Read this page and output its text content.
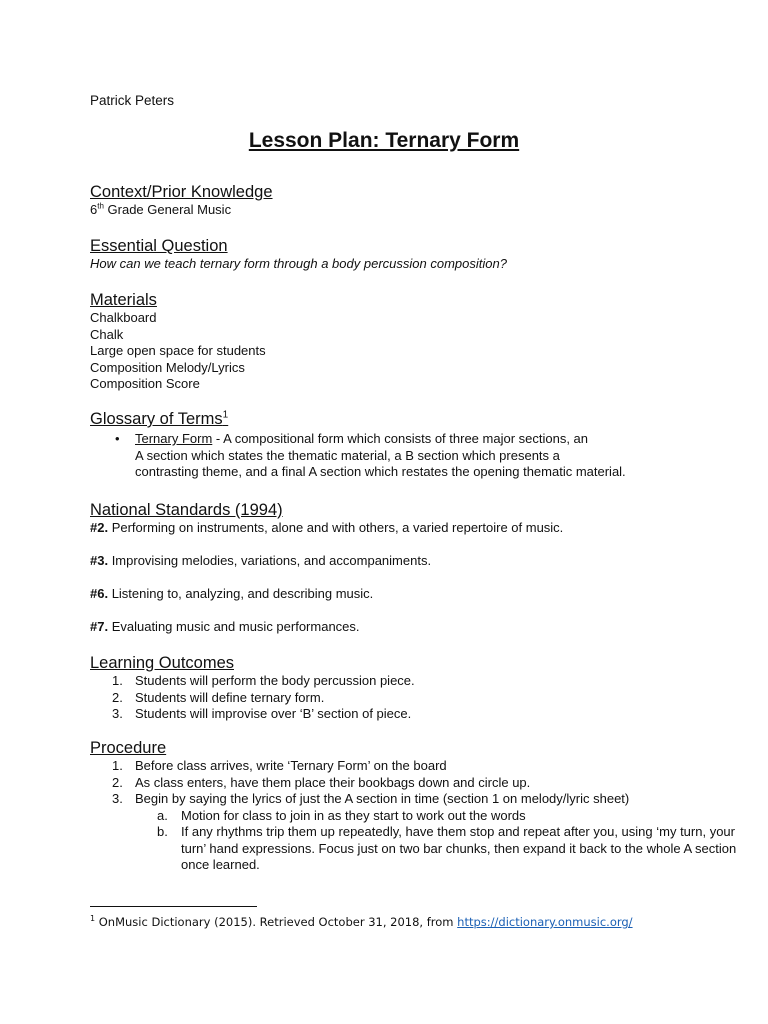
Patrick Peters
Lesson Plan: Ternary Form
Context/Prior Knowledge
6th Grade General Music
Essential Question
How can we teach ternary form through a body percussion composition?
Materials
Chalkboard
Chalk
Large open space for students
Composition Melody/Lyrics
Composition Score
Glossary of Terms$^1$
• Ternary Form - A compositional form which consists of three major sections, an
A section which states the thematic material, a B section which presents a
contrasting theme, and a final A section which restates the opening thematic material.
National Standards (1994)
#2. Performing on instruments, alone and with others, a varied repertoire of music.
#3. Improvising melodies, variations, and accompaniments.
#6. Listening to, analyzing, and describing music.
#7. Evaluating music and music performances.
Learning Outcomes
1. Students will perform the body percussion piece.
2. Students will define ternary form.
3. Students will improvise over ‘B’ section of piece.
Procedure
1. Before class arrives, write ‘Ternary Form’ on the board
2. As class enters, have them place their bookbags down and circle up.
3. Begin by saying the lyrics of just the A section in time (section 1 on melody/lyric sheet)
a. Motion for class to join in as they start to work out the words
b. If any rhythms trip them up repeatedly, have them stop and repeat after you, using ‘my turn, your turn’ hand expressions. Focus just on two bar chunks, then expand it back to the whole A section once learned.
$^1$ OnMusic Dictionary (2015). Retrieved October 31, 2018, from https://dictionary.onmusic.org/
